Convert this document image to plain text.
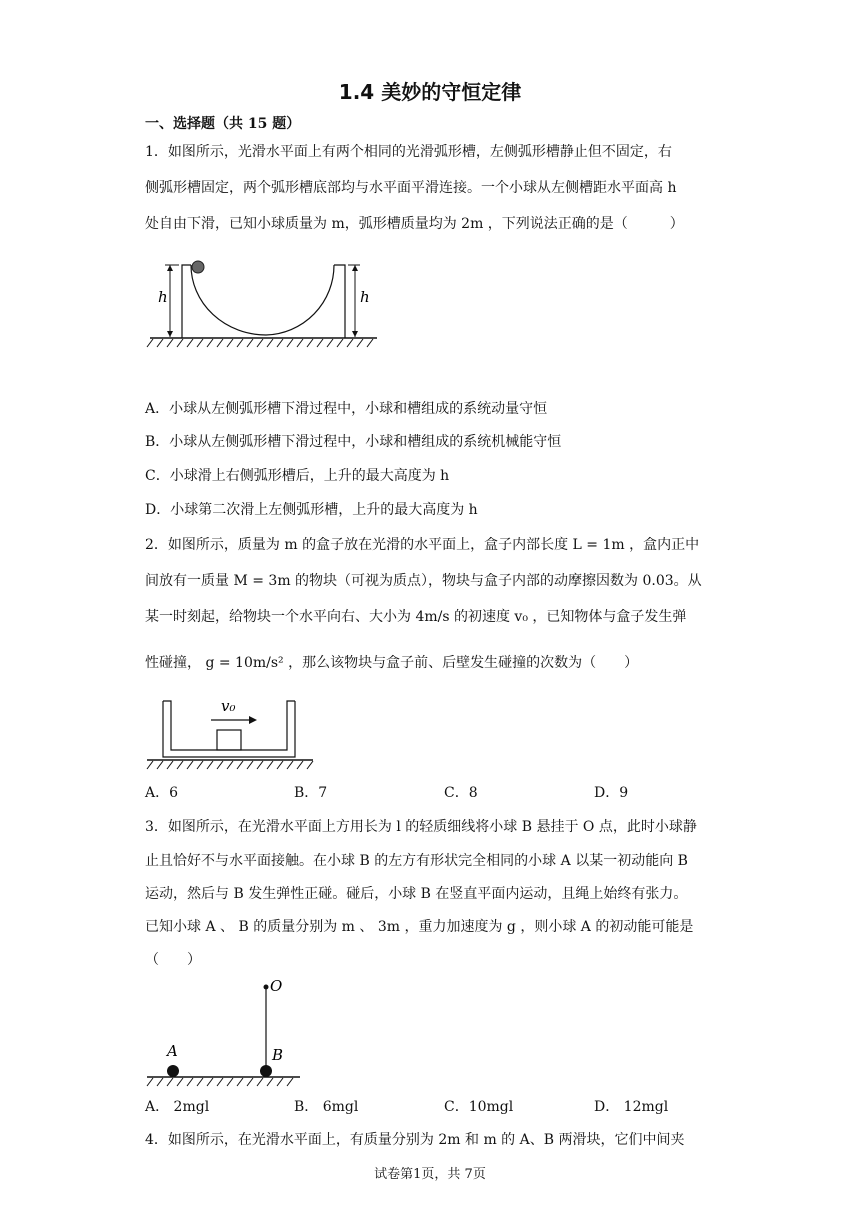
1.4 美妙的守恒定律
一、选择题（共 15 题）
1．如图所示，光滑水平面上有两个相同的光滑弧形槽，左侧弧形槽静止但不固定，右
侧弧形槽固定，两个弧形槽底部均与水平面平滑连接。一个小球从左侧槽距水平面高 h
处自由下滑，已知小球质量为 m，弧形槽质量均为 2m ，下列说法正确的是（　　　）
h	h
A．小球从左侧弧形槽下滑过程中，小球和槽组成的系统动量守恒
B．小球从左侧弧形槽下滑过程中，小球和槽组成的系统机械能守恒
C．小球滑上右侧弧形槽后，上升的最大高度为 h
D．小球第二次滑上左侧弧形槽，上升的最大高度为 h
2．如图所示，质量为 m 的盒子放在光滑的水平面上，盒子内部长度 L = 1m ，盒内正中
间放有一质量 M = 3m 的物块（可视为质点），物块与盒子内部的动摩擦因数为 0.03。从
某一时刻起，给物块一个水平向右、大小为 4m/s 的初速度 v₀ ，已知物体与盒子发生弹
性碰撞， g = 10m/s² ，那么该物块与盒子前、后壁发生碰撞的次数为（　　）
v₀
A．6	B．7	C．8	D．9
3．如图所示，在光滑水平面上方用长为 l 的轻质细线将小球 B 悬挂于 O 点，此时小球静
止且恰好不与水平面接触。在小球 B 的左方有形状完全相同的小球 A 以某一初动能向 B
运动，然后与 B 发生弹性正碰。碰后，小球 B 在竖直平面内运动，且绳上始终有张力。
已知小球 A 、 B 的质量分别为 m 、 3m ，重力加速度为 g ，则小球 A 的初动能可能是
（　　）
O
A	B
A． 2mgl	B． 6mgl	C．10mgl	D． 12mgl
4．如图所示，在光滑水平面上，有质量分别为 2m 和 m 的 A、B 两滑块，它们中间夹
试卷第1页，共 7页
